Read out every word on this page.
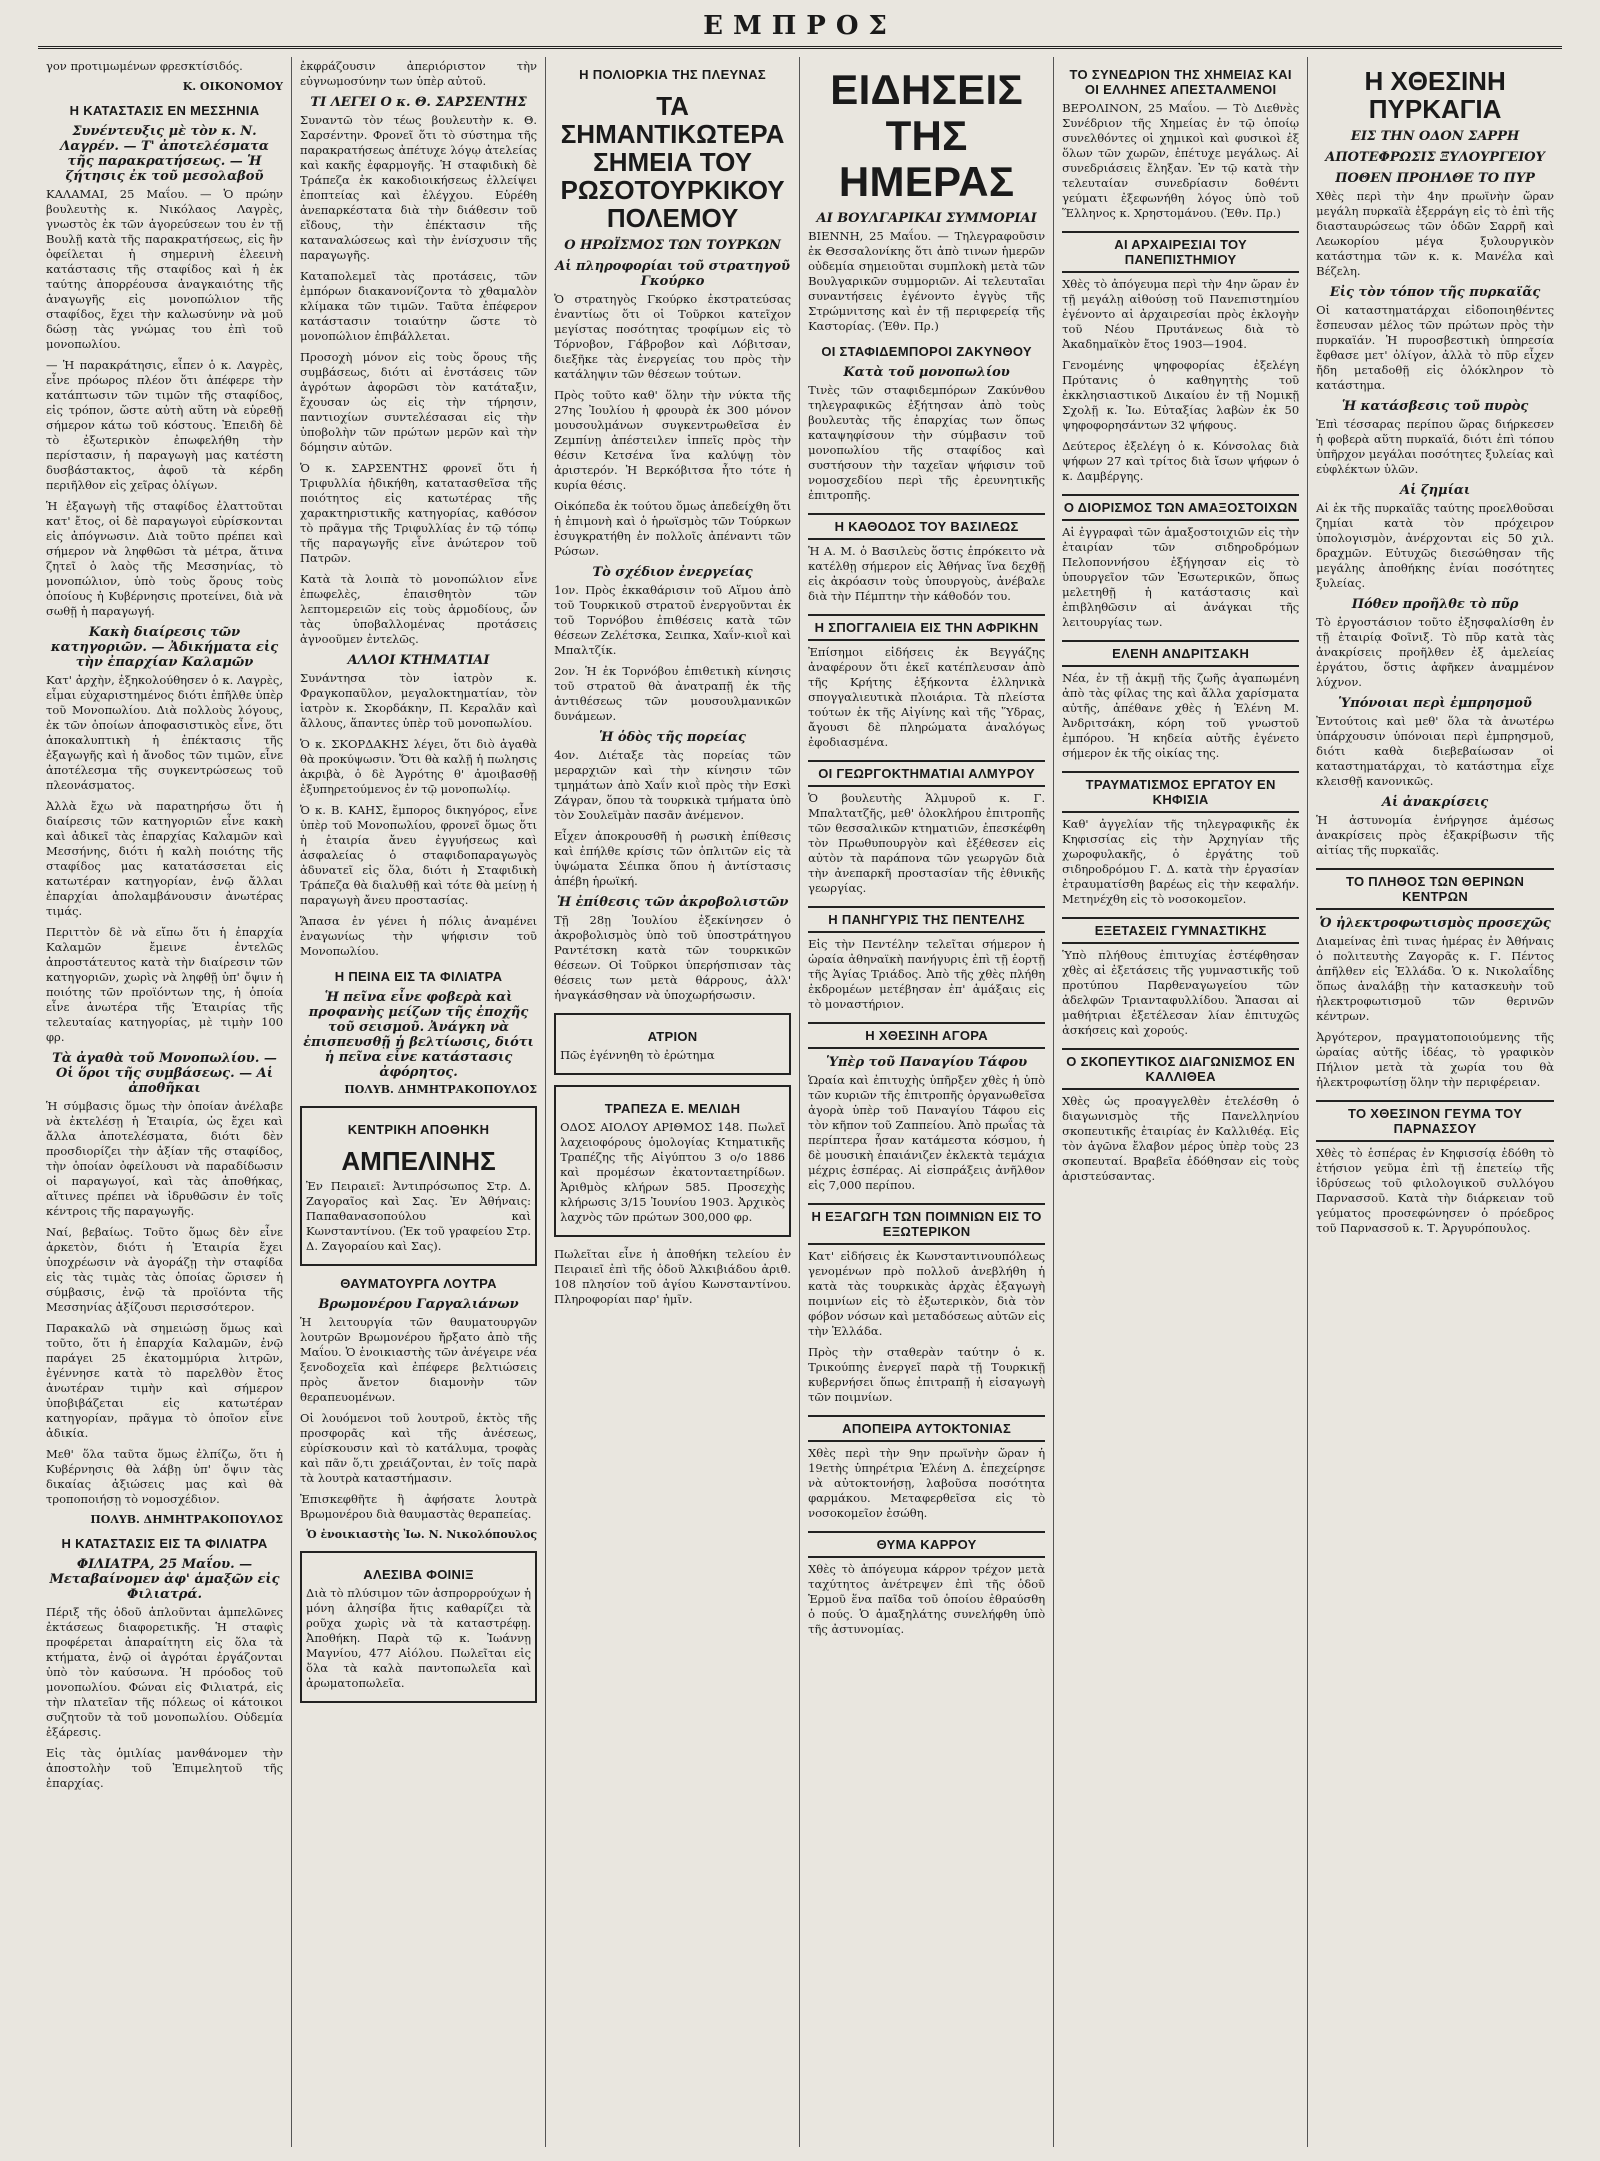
ΕΜΠΡΟΣ

γον προτιμωμένων φρεσκτίσιδός.

Κ. ΟΙΚΟΝΟΜΟΥ
Η ΚΑΤΑΣΤΑΣΙΣ ΕΝ ΜΕΣΣΗΝΙΑ
Συνέντευξις μὲ τὸν κ. Ν. Λαγρέν. — Τ' ἀποτελέσματα τῆς παρακρατήσεως. — Ἡ ζήτησις ἐκ τοῦ μεσολαβοῦ

ΚΑΛΑΜΑΙ, 25 Μαΐου. — Ὁ πρώην βουλευτὴς κ. Νικόλαος Λαγρὲς, γνωστὸς ἐκ τῶν ἀγορεύσεων του ἐν τῇ Βουλῇ κατὰ τῆς παρακρατήσεως, εἰς ἣν ὀφείλεται ἡ σημερινὴ ἐλεεινὴ κατάστασις τῆς σταφίδος καὶ ἡ ἐκ ταύτης ἀπορρέουσα ἀναγκαιότης τῆς ἀναγωγῆς εἰς μονοπώλιον τῆς σταφίδος, ἔχει τὴν καλωσύνην νὰ μοῦ δώσῃ τὰς γνώμας του ἐπὶ τοῦ μονοπωλίου.

— Ἡ παρακράτησις, εἶπεν ὁ κ. Λαγρὲς, εἶνε πρόωρος πλέον ὅτι ἀπέφερε τὴν κατάπτωσιν τῶν τιμῶν τῆς σταφίδος, εἰς τρόπον, ὥστε αὐτὴ αὕτη νὰ εὑρεθῇ σήμερον κάτω τοῦ κόστους. Ἐπειδὴ δὲ τὸ ἐξωτερικὸν ἐπωφελήθη τὴν περίστασιν, ἡ παραγωγὴ μας κατέστη δυσβάστακτος, ἀφοῦ τὰ κέρδη περιῆλθον εἰς χεῖρας ὀλίγων.

Ἡ ἐξαγωγὴ τῆς σταφίδος ἐλαττοῦται κατ' ἔτος, οἱ δὲ παραγωγοὶ εὑρίσκονται εἰς ἀπόγνωσιν. Διὰ τοῦτο πρέπει καὶ σήμερον νὰ ληφθῶσι τὰ μέτρα, ἅτινα ζητεῖ ὁ λαὸς τῆς Μεσσηνίας, τὸ μονοπώλιον, ὑπὸ τοὺς ὅρους τοὺς ὁποίους ἡ Κυβέρνησις προτείνει, διὰ νὰ σωθῇ ἡ παραγωγή.

Κακὴ διαίρεσις τῶν κατηγοριῶν. — Ἀδικήματα εἰς τὴν ἐπαρχίαν Καλαμῶν

Κατ' ἀρχὴν, ἐξηκολούθησεν ὁ κ. Λαγρὲς, εἶμαι εὐχαριστημένος διότι ἐπῆλθε ὑπὲρ τοῦ Μονοπωλίου. Διὰ πολλοὺς λόγους, ἐκ τῶν ὁποίων ἀποφασιστικὸς εἶνε, ὅτι ἀποκαλυπτικὴ ἡ ἐπέκτασις τῆς ἐξαγωγῆς καὶ ἡ ἄνοδος τῶν τιμῶν, εἶνε ἀποτέλεσμα τῆς συγκεντρώσεως τοῦ πλεονάσματος.

Ἀλλὰ ἔχω νὰ παρατηρήσω ὅτι ἡ διαίρεσις τῶν κατηγοριῶν εἶνε κακὴ καὶ ἀδικεῖ τὰς ἐπαρχίας Καλαμῶν καὶ Μεσσήνης, διότι ἡ καλὴ ποιότης τῆς σταφίδος μας κατατάσσεται εἰς κατωτέραν κατηγορίαν, ἐνῷ ἄλλαι ἐπαρχίαι ἀπολαμβάνουσιν ἀνωτέρας τιμάς.

Περιττὸν δὲ νὰ εἴπω ὅτι ἡ ἐπαρχία Καλαμῶν ἔμεινε ἐντελῶς ἀπροστάτευτος κατὰ τὴν διαίρεσιν τῶν κατηγοριῶν, χωρὶς νὰ ληφθῇ ὑπ' ὄψιν ἡ ποιότης τῶν προϊόντων της, ἡ ὁποία εἶνε ἀνωτέρα τῆς Ἑταιρίας τῆς τελευταίας κατηγορίας, μὲ τιμὴν 100 φρ.

Τὰ ἀγαθὰ τοῦ Μονοπωλίου. — Οἱ ὅροι τῆς συμβάσεως. — Αἱ ἀποθῆκαι

Ἡ σύμβασις ὅμως τὴν ὁποίαν ἀνέλαβε νὰ ἐκτελέσῃ ἡ Ἑταιρία, ὡς ἔχει καὶ ἄλλα ἀποτελέσματα, διότι δὲν προσδιορίζει τὴν ἀξίαν τῆς σταφίδος, τὴν ὁποίαν ὀφείλουσι νὰ παραδίδωσιν οἱ παραγωγοί, καὶ τὰς ἀποθήκας, αἵτινες πρέπει νὰ ἱδρυθῶσιν ἐν τοῖς κέντροις τῆς παραγωγῆς.

Ναί, βεβαίως. Τοῦτο ὅμως δὲν εἶνε ἀρκετὸν, διότι ἡ Ἑταιρία ἔχει ὑποχρέωσιν νὰ ἀγοράζῃ τὴν σταφίδα εἰς τὰς τιμὰς τὰς ὁποίας ὥρισεν ἡ σύμβασις, ἐνῷ τὰ προϊόντα τῆς Μεσσηνίας ἀξίζουσι περισσότερον.

Παρακαλῶ νὰ σημειώσῃ ὅμως καὶ τοῦτο, ὅτι ἡ ἐπαρχία Καλαμῶν, ἐνῷ παράγει 25 ἑκατομμύρια λιτρῶν, ἐγέννησε κατὰ τὸ παρελθὸν ἔτος ἀνωτέραν τιμὴν καὶ σήμερον ὑποβιβάζεται εἰς κατωτέραν κατηγορίαν, πρᾶγμα τὸ ὁποῖον εἶνε ἀδικία.

Μεθ' ὅλα ταῦτα ὅμως ἐλπίζω, ὅτι ἡ Κυβέρνησις θὰ λάβῃ ὑπ' ὄψιν τὰς δικαίας ἀξιώσεις μας καὶ θὰ τροποποιήσῃ τὸ νομοσχέδιον.

ΠΟΛΥΒ. ΔΗΜΗΤΡΑΚΟΠΟΥΛΟΣ
Η ΚΑΤΑΣΤΑΣΙΣ ΕΙΣ ΤΑ ΦΙΛΙΑΤΡΑ
ΦΙΛΙΑΤΡΑ, 25 Μαΐου. — Μεταβαίνομεν ἀφ' ἁμαξῶν εἰς Φιλιατρά.

Πέριξ τῆς ὁδοῦ ἁπλοῦνται ἀμπελῶνες ἐκτάσεως διαφορετικῆς. Ἡ σταφὶς προφέρεται ἀπαραίτητη εἰς ὅλα τὰ κτήματα, ἐνῷ οἱ ἀγρόται ἐργάζονται ὑπὸ τὸν καύσωνα. Ἡ πρόοδος τοῦ μονοπωλίου. Φώναι εἰς Φιλιατρά, εἰς τὴν πλατεῖαν τῆς πόλεως οἱ κάτοικοι συζητοῦν τὰ τοῦ μονοπωλίου. Οὐδεμία ἐξάρεσις.

Εἰς τὰς ὁμιλίας μανθάνομεν τὴν ἀποστολὴν τοῦ Ἐπιμελητοῦ τῆς ἐπαρχίας.

ἐκφράζουσιν ἀπεριόριστον τὴν εὐγνωμοσύνην των ὑπὲρ αὐτοῦ.

ΤΙ ΛΕΓΕΙ Ο κ. Θ. ΣΑΡΣΕΝΤΗΣ

Συναντῶ τὸν τέως βουλευτὴν κ. Θ. Σαρσέντην. Φρονεῖ ὅτι τὸ σύστημα τῆς παρακρατήσεως ἀπέτυχε λόγῳ ἀτελείας καὶ κακῆς ἐφαρμογῆς. Ἡ σταφιδικὴ δὲ Τράπεζα ἐκ κακοδιοικήσεως ἐλλείψει ἐποπτείας καὶ ἐλέγχου. Εὑρέθη ἀνεπαρκέστατα διὰ τὴν διάθεσιν τοῦ εἴδους, τὴν ἐπέκτασιν τῆς καταναλώσεως καὶ τὴν ἐνίσχυσιν τῆς παραγωγῆς.

Καταπολεμεῖ τὰς προτάσεις, τῶν ἐμπόρων διακανονίζοντα τὸ χθαμαλὸν κλίμακα τῶν τιμῶν. Ταῦτα ἐπέφερον κατάστασιν τοιαύτην ὥστε τὸ μονοπώλιον ἐπιβάλλεται.

Προσοχὴ μόνον εἰς τοὺς ὅρους τῆς συμβάσεως, διότι αἱ ἐνστάσεις τῶν ἀγρότων ἀφορῶσι τὸν κατάταξιν, ἔχουσαν ὡς εἰς τὴν τήρησιν, παντιοχίων συντελέσασαι εἰς τὴν ὑποβολὴν τῶν πρώτων μερῶν καὶ τὴν δόμησιν αὐτῶν.

Ὁ κ. ΣΑΡΣΕΝΤΗΣ φρονεῖ ὅτι ἡ Τριφυλλία ἠδικήθη, κατατασθεῖσα τῆς ποιότητος εἰς κατωτέρας τῆς χαρακτηριστικῆς κατηγορίας, καθόσον τὸ πρᾶγμα τῆς Τριφυλλίας ἐν τῷ τόπῳ τῆς παραγωγῆς εἶνε ἀνώτερον τοῦ Πατρῶν.

Κατὰ τὰ λοιπὰ τὸ μονοπώλιον εἶνε ἐπωφελὲς, ἐπαισθητὸν τῶν λεπτομερειῶν εἰς τοὺς ἁρμοδίους, ὧν τὰς ὑποβαλλομένας προτάσεις ἀγνοοῦμεν ἐντελῶς.

ΑΛΛΟΙ ΚΤΗΜΑΤΙΑΙ

Συνάντησα τὸν ἰατρὸν κ. Φραγκοπαῦλον, μεγαλοκτηματίαν, τὸν ἰατρὸν κ. Σκορδάκην, Π. Κεραλᾶν καὶ ἄλλους, ἅπαντες ὑπὲρ τοῦ μονοπωλίου.

Ὁ κ. ΣΚΟΡΔΑΚΗΣ λέγει, ὅτι διὸ ἀγαθὰ θὰ προκύψωσιν. Ὅτι θὰ καλῇ ἡ πωλησις ἀκριβὰ, ὁ δὲ Ἀγρότης θ' ἀμοιβασθῇ ἐξυπηρετούμενος ἐν τῷ μονοπωλίῳ.

Ὁ κ. Β. ΚΑΗΣ, ἔμπορος δικηγόρος, εἶνε ὑπὲρ τοῦ Μονοπωλίου, φρονεῖ ὅμως ὅτι ἡ ἑταιρία ἄνευ ἐγγυήσεως καὶ ἀσφαλείας ὁ σταφιδοπαραγωγὸς ἀδυνατεῖ εἰς ὅλα, διότι ἡ Σταφιδικὴ Τράπεζα θὰ διαλυθῇ καὶ τότε θὰ μείνῃ ἡ παραγωγὴ ἄνευ προστασίας.

Ἅπασα ἐν γένει ἡ πόλις ἀναμένει ἐναγωνίως τὴν ψήφισιν τοῦ Μονοπωλίου.

Η ΠΕΙΝΑ ΕΙΣ ΤΑ ΦΙΛΙΑΤΡΑ
Ἡ πεῖνα εἶνε φοβερὰ καὶ προφανὴς μείζων τῆς ἐποχῆς τοῦ σεισμοῦ. Ἀνάγκη νὰ ἐπισπευσθῇ ἡ βελτίωσις, διότι ἡ πεῖνα εἶνε κατάστασις ἀφόρητος.
ΠΟΛΥΒ. ΔΗΜΗΤΡΑΚΟΠΟΥΛΟΣ
ΚΕΝΤΡΙΚΗ ΑΠΟΘΗΚΗ
ΑΜΠΕΛΙΝΗΣ

Ἐν Πειραιεῖ: Ἀντιπρόσωπος Στρ. Δ. Ζαγοραῖος καὶ Σας. Ἐν Ἀθήναις: Παπαθανασοπούλου καὶ Κωνσταντίνου. (Ἐκ τοῦ γραφείου Στρ. Δ. Ζαγοραίου καὶ Σας).

ΘΑΥΜΑΤΟΥΡΓΑ ΛΟΥΤΡΑ
Βρωμονέρου Γαργαλιάνων

Ἡ λειτουργία τῶν θαυματουργῶν λουτρῶν Βρωμονέρου ἤρξατο ἀπὸ τῆς Μαΐου. Ὁ ἐνοικιαστὴς τῶν ἀνέγειρε νέα ξενοδοχεῖα καὶ ἐπέφερε βελτιώσεις πρὸς ἄνετον διαμονὴν τῶν θεραπευομένων.

Οἱ λουόμενοι τοῦ λουτροῦ, ἐκτὸς τῆς προσφορᾶς καὶ τῆς ἀνέσεως, εὑρίσκουσιν καὶ τὸ κατάλυμα, τροφὰς καὶ πᾶν ὅ,τι χρειάζονται, ἐν τοῖς παρὰ τὰ λουτρὰ καταστήμασιν.

Ἐπισκεφθῆτε ἢ ἀφήσατε λουτρὰ Βρωμονέρου διὰ θαυμαστὰς θεραπείας.

Ὁ ἐνοικιαστὴς Ἰω. Ν. Νικολόπουλος
ΑΛΕΣΙΒΑ ΦΟΙΝΙΞ

Διὰ τὸ πλύσιμον τῶν ἀσπρορρούχων ἡ μόνη ἀλησίβα ἥτις καθαρίζει τὰ ροῦχα χωρὶς νὰ τὰ καταστρέφῃ. Ἀποθήκη. Παρὰ τῷ κ. Ἰωάννῃ Μαγνίου, 477 Αἰόλου. Πωλεῖται εἰς ὅλα τὰ καλὰ παντοπωλεῖα καὶ ἀρωματοπωλεῖα.

Η ΠΟΛΙΟΡΚΙΑ ΤΗΣ ΠΛΕΥΝΑΣ
ΤΑ ΣΗΜΑΝΤΙΚΩΤΕΡΑ ΣΗΜΕΙΑ ΤΟΥ ΡΩΣΟΤΟΥΡΚΙΚΟΥ ΠΟΛΕΜΟΥ
Ο ΗΡΩΪΣΜΟΣ ΤΩΝ ΤΟΥΡΚΩΝ
Αἱ πληροφορίαι τοῦ στρατηγοῦ Γκούρκο

Ὁ στρατηγὸς Γκούρκο ἐκστρατεύσας ἐναντίως ὅτι οἱ Τοῦρκοι κατεῖχον μεγίστας ποσότητας τροφίμων εἰς τὸ Τόρνοβον, Γάβροβον καὶ Λόβιτσαν, διεξῆκε τὰς ἐνεργείας του πρὸς τὴν κατάληψιν τῶν θέσεων τούτων.

Πρὸς τοῦτο καθ' ὅλην τὴν νύκτα τῆς 27ης Ἰουλίου ἡ φρουρὰ ἐκ 300 μόνον μουσουλμάνων συγκεντρωθεῖσα ἐν Ζεμπίνῃ ἀπέστειλεν ἱππεῖς πρὸς τὴν θέσιν Κετσένα ἵνα καλύψῃ τὸν ἀριστερόν. Ἡ Βερκόβιτσα ἦτο τότε ἡ κυρία θέσις.

Οἰκόπεδα ἐκ τούτου ὅμως ἀπεδείχθη ὅτι ἡ ἐπιμονὴ καὶ ὁ ἡρωϊσμὸς τῶν Τούρκων ἐσυγκρατήθη ἐν πολλοῖς ἀπέναντι τῶν Ρώσων.

Τὸ σχέδιον ἐνεργείας

1ον. Πρὸς ἐκκαθάρισιν τοῦ Αἵμου ἀπὸ τοῦ Τουρκικοῦ στρατοῦ ἐνεργοῦνται ἐκ τοῦ Τορνόβου ἐπιθέσεις κατὰ τῶν θέσεων Ζελέτσκα, Σειπκα, Χαΐν-κιοῒ καὶ Μπαλτζίκ.

2ον. Ἡ ἐκ Τορνόβου ἐπιθετικὴ κίνησις τοῦ στρατοῦ θὰ ἀνατραπῇ ἐκ τῆς ἀντιθέσεως τῶν μουσουλμανικῶν δυνάμεων.

Ἡ ὁδὸς τῆς πορείας

4ον. Διέταξε τὰς πορείας τῶν μεραρχιῶν καὶ τὴν κίνησιν τῶν τμημάτων ἀπὸ Χαΐν κιοῒ πρὸς τὴν Εσκὶ Ζάγραν, ὅπου τὰ τουρκικὰ τμήματα ὑπὸ τὸν Σουλεϊμὰν πασᾶν ἀνέμενον.

Εἶχεν ἀποκρουσθῆ ἡ ρωσικὴ ἐπίθεσις καὶ ἐπήλθε κρίσις τῶν ὁπλιτῶν εἰς τὰ ὑψώματα Σέιπκα ὅπου ἡ ἀντίστασις ἀπέβη ἡρωϊκή.

Ἡ ἐπίθεσις τῶν ἀκροβολιστῶν

Τῇ 28ῃ Ἰουλίου ἐξεκίνησεν ὁ ἀκροβολισμὸς ὑπὸ τοῦ ὑποστράτηγου Ραντέτσκη κατὰ τῶν τουρκικῶν θέσεων. Οἱ Τοῦρκοι ὑπερήσπισαν τὰς θέσεις των μετὰ θάρρους, ἀλλ' ἠναγκάσθησαν νὰ ὑποχωρήσωσιν.

ΑΤΡΙΟΝ

Πῶς ἐγέννηθη τὸ ἐρώτημα

ΤΡΑΠΕΖΑ Ε. ΜΕΛΙΔΗ

ΟΔΟΣ ΑΙΟΛΟΥ ΑΡΙΘΜΟΣ 148. Πωλεῖ λαχειοφόρους ὁμολογίας Κτηματικῆς Τραπέζης τῆς Αἰγύπτου 3 ο/ο 1886 καὶ προμέσων ἐκατονταετηρίδων. Ἀριθμὸς κλήρων 585. Προσεχὴς κλήρωσις 3/15 Ἰουνίου 1903. Ἀρχικὸς λαχνὸς τῶν πρώτων 300,000 φρ.

Πωλεῖται εἶνε ἡ ἀποθήκη τελείου ἐν Πειραιεῖ ἐπὶ τῆς ὁδοῦ Ἀλκιβιάδου ἀριθ. 108 πλησίον τοῦ ἁγίου Κωνσταντίνου. Πληροφορίαι παρ' ἡμῖν.

ΕΙΔΗΣΕΙΣ ΤΗΣ ΗΜΕΡΑΣ
ΑΙ ΒΟΥΛΓΑΡΙΚΑΙ ΣΥΜΜΟΡΙΑΙ

ΒΙΕΝΝΗ, 25 Μαΐου. — Τηλεγραφοῦσιν ἐκ Θεσσαλονίκης ὅτι ἀπὸ τινων ἡμερῶν οὐδεμία σημειοῦται συμπλοκὴ μετὰ τῶν Βουλγαρικῶν συμμοριῶν. Αἱ τελευταῖαι συναντήσεις ἐγένοντο ἐγγὺς τῆς Στρώμνιτσης καὶ ἐν τῇ περιφερείᾳ τῆς Καστορίας. (Ἐθν. Πρ.)

ΟΙ ΣΤΑΦΙΔΕΜΠΟΡΟΙ ΖΑΚΥΝΘΟΥ
Κατὰ τοῦ μονοπωλίου

Τινὲς τῶν σταφιδεμπόρων Ζακύνθου τηλεγραφικῶς ἐξήτησαν ἀπὸ τοὺς βουλευτὰς τῆς ἐπαρχίας των ὅπως καταψηφίσουν τὴν σύμβασιν τοῦ μονοπωλίου τῆς σταφίδος καὶ συστήσουν τὴν ταχεῖαν ψήφισιν τοῦ νομοσχεδίου περὶ τῆς ἐρευνητικῆς ἐπιτροπῆς.

Η ΚΑΘΟΔΟΣ ΤΟΥ ΒΑΣΙΛΕΩΣ

Ἡ Α. Μ. ὁ Βασιλεὺς ὅστις ἐπρόκειτο νὰ κατέλθῃ σήμερον εἰς Ἀθήνας ἵνα δεχθῇ εἰς ἀκρόασιν τοὺς ὑπουργοὺς, ἀνέβαλε διὰ τὴν Πέμπτην τὴν κάθοδόν του.

Η ΣΠΟΓΓΑΛΙΕΙΑ ΕΙΣ ΤΗΝ ΑΦΡΙΚΗΝ

Ἐπίσημοι εἰδήσεις ἐκ Βεγγάζης ἀναφέρουν ὅτι ἐκεῖ κατέπλευσαν ἀπὸ τῆς Κρήτης ἑξήκοντα ἑλληνικὰ σπογγαλιευτικὰ πλοιάρια. Τὰ πλείστα τούτων ἐκ τῆς Αἰγίνης καὶ τῆς Ὕδρας, ἄγουσι δὲ πληρώματα ἀναλόγως ἐφοδιασμένα.

ΟΙ ΓΕΩΡΓΟΚΤΗΜΑΤΙΑΙ ΑΛΜΥΡΟΥ

Ὁ βουλευτὴς Ἁλμυροῦ κ. Γ. Μπαλτατζῆς, μεθ' ὁλοκλήρου ἐπιτροπῆς τῶν θεσσαλικῶν κτηματιῶν, ἐπεσκέφθη τὸν Πρωθυπουργὸν καὶ ἐξέθεσεν εἰς αὐτὸν τὰ παράπονα τῶν γεωργῶν διὰ τὴν ἀνεπαρκῆ προστασίαν τῆς ἐθνικῆς γεωργίας.

Η ΠΑΝΗΓΥΡΙΣ ΤΗΣ ΠΕΝΤΕΛΗΣ

Εἰς τὴν Πεντέλην τελεῖται σήμερον ἡ ὡραία ἀθηναϊκὴ πανήγυρις ἐπὶ τῇ ἑορτῇ τῆς Ἁγίας Τριάδος. Ἀπὸ τῆς χθὲς πλήθη ἐκδρομέων μετέβησαν ἐπ' ἁμάξαις εἰς τὸ μοναστήριον.

Η ΧΘΕΣΙΝΗ ΑΓΟΡΑ
Ὑπὲρ τοῦ Παναγίου Τάφου

Ὡραία καὶ ἐπιτυχὴς ὑπῆρξεν χθὲς ἡ ὑπὸ τῶν κυριῶν τῆς ἐπιτροπῆς ὀργανωθεῖσα ἀγορὰ ὑπὲρ τοῦ Παναγίου Τάφου εἰς τὸν κῆπον τοῦ Ζαππείου. Ἀπὸ πρωΐας τὰ περίπτερα ἦσαν κατάμεστα κόσμου, ἡ δὲ μουσικὴ ἐπαιάνιζεν ἐκλεκτὰ τεμάχια μέχρις ἑσπέρας. Αἱ εἰσπράξεις ἀνῆλθον εἰς 7,000 περίπου.

Η ΕΞΑΓΩΓΗ ΤΩΝ ΠΟΙΜΝΙΩΝ ΕΙΣ ΤΟ ΕΞΩΤΕΡΙΚΟΝ

Κατ' εἰδήσεις ἐκ Κωνσταντινουπόλεως γενομένων πρὸ πολλοῦ ἀνεβλήθη ἡ κατὰ τὰς τουρκικὰς ἀρχὰς ἐξαγωγὴ ποιμνίων εἰς τὸ ἐξωτερικὸν, διὰ τὸν φόβον νόσων καὶ μεταδόσεως αὐτῶν εἰς τὴν Ἑλλάδα.

Πρὸς τὴν σταθερὰν ταύτην ὁ κ. Τρικούπης ἐνεργεῖ παρὰ τῇ Τουρκικῇ κυβερνήσει ὅπως ἐπιτραπῇ ἡ εἰσαγωγὴ τῶν ποιμνίων.

ΑΠΟΠΕΙΡΑ ΑΥΤΟΚΤΟΝΙΑΣ

Χθὲς περὶ τὴν 9ην πρωϊνὴν ὥραν ἡ 19ετὴς ὑπηρέτρια Ἑλένη Δ. ἐπεχείρησε νὰ αὐτοκτονήσῃ, λαβοῦσα ποσότητα φαρμάκου. Μεταφερθεῖσα εἰς τὸ νοσοκομεῖον ἐσώθη.

ΘΥΜΑ ΚΑΡΡΟΥ

Χθὲς τὸ ἀπόγευμα κάρρον τρέχον μετὰ ταχύτητος ἀνέτρεψεν ἐπὶ τῆς ὁδοῦ Ἑρμοῦ ἕνα παῖδα τοῦ ὁποίου ἐθραύσθη ὁ πούς. Ὁ ἁμαξηλάτης συνελήφθη ὑπὸ τῆς ἀστυνομίας.

ΤΟ ΣΥΝΕΔΡΙΟΝ ΤΗΣ ΧΗΜΕΙΑΣ ΚΑΙ ΟΙ ΕΛΛΗΝΕΣ ΑΠΕΣΤΑΛΜΕΝΟΙ

ΒΕΡΟΛΙΝΟΝ, 25 Μαΐου. — Τὸ Διεθνὲς Συνέδριον τῆς Χημείας ἐν τῷ ὁποίῳ συνελθόντες οἱ χημικοὶ καὶ φυσικοὶ ἐξ ὅλων τῶν χωρῶν, ἐπέτυχε μεγάλως. Αἱ συνεδριάσεις ἔληξαν. Ἐν τῷ κατὰ τὴν τελευταίαν συνεδρίασιν δοθέντι γεύματι ἐξεφωνήθη λόγος ὑπὸ τοῦ Ἕλληνος κ. Χρηστομάνου. (Ἐθν. Πρ.)

ΑΙ ΑΡΧΑΙΡΕΣΙΑΙ ΤΟΥ ΠΑΝΕΠΙΣΤΗΜΙΟΥ

Χθὲς τὸ ἀπόγευμα περὶ τὴν 4ην ὥραν ἐν τῇ μεγάλῃ αἰθούσῃ τοῦ Πανεπιστημίου ἐγένοντο αἱ ἀρχαιρεσίαι πρὸς ἐκλογὴν τοῦ Νέου Πρυτάνεως διὰ τὸ Ἀκαδημαϊκὸν ἔτος 1903—1904.

Γενομένης ψηφοφορίας ἐξελέγη Πρύτανις ὁ καθηγητὴς τοῦ ἐκκλησιαστικοῦ Δικαίου ἐν τῇ Νομικῇ Σχολῇ κ. Ἰω. Εὐταξίας λαβὼν ἐκ 50 ψηφοφορησάντων 32 ψήφους.

Δεύτερος ἐξελέγη ὁ κ. Κόνσολας διὰ ψήφων 27 καὶ τρίτος διὰ ἴσων ψήφων ὁ κ. Δαμβέργης.

Ο ΔΙΟΡΙΣΜΟΣ ΤΩΝ ΑΜΑΞΟΣΤΟΙΧΩΝ

Αἱ ἐγγραφαὶ τῶν ἁμαξοστοιχιῶν εἰς τὴν ἐταιρίαν τῶν σιδηροδρόμων Πελοποννήσου ἐξήγησαν εἰς τὸ ὑπουργεῖον τῶν Ἐσωτερικῶν, ὅπως μελετηθῇ ἡ κατάστασις καὶ ἐπιβληθῶσιν αἱ ἀνάγκαι τῆς λειτουργίας των.

ΕΛΕΝΗ ΑΝΔΡΙΤΣΑΚΗ

Νέα, ἐν τῇ ἀκμῇ τῆς ζωῆς ἀγαπωμένη ἀπὸ τὰς φίλας της καὶ ἄλλα χαρίσματα αὐτῆς, ἀπέθανε χθὲς ἡ Ἑλένη Μ. Ἀνδριτσάκη, κόρη τοῦ γνωστοῦ ἐμπόρου. Ἡ κηδεία αὐτῆς ἐγένετο σήμερον ἐκ τῆς οἰκίας της.

ΤΡΑΥΜΑΤΙΣΜΟΣ ΕΡΓΑΤΟΥ ΕΝ ΚΗΦΙΣΙΑ

Καθ' ἀγγελίαν τῆς τηλεγραφικῆς ἐκ Κηφισσίας εἰς τὴν Ἀρχηγίαν τῆς χωροφυλακῆς, ὁ ἐργάτης τοῦ σιδηροδρόμου Γ. Δ. κατὰ τὴν ἐργασίαν ἐτραυματίσθη βαρέως εἰς τὴν κεφαλήν. Μετηνέχθη εἰς τὸ νοσοκομεῖον.

ΕΞΕΤΑΣΕΙΣ ΓΥΜΝΑΣΤΙΚΗΣ

Ὑπὸ πλήθους ἐπιτυχίας ἐστέφθησαν χθὲς αἱ ἐξετάσεις τῆς γυμναστικῆς τοῦ προτύπου Παρθεναγωγείου τῶν ἀδελφῶν Τριανταφυλλίδου. Ἅπασαι αἱ μαθήτριαι ἐξετέλεσαν λίαν ἐπιτυχῶς ἀσκήσεις καὶ χορούς.

Ο ΣΚΟΠΕΥΤΙΚΟΣ ΔΙΑΓΩΝΙΣΜΟΣ ΕΝ ΚΑΛΛΙΘΕΑ

Χθὲς ὡς προαγγελθὲν ἐτελέσθη ὁ διαγωνισμὸς τῆς Πανελληνίου σκοπευτικῆς ἑταιρίας ἐν Καλλιθέᾳ. Εἰς τὸν ἀγῶνα ἔλαβον μέρος ὑπὲρ τοὺς 23 σκοπευταί. Βραβεῖα ἐδόθησαν εἰς τοὺς ἀριστεύσαντας.

Η ΧΘΕΣΙΝΗ ΠΥΡΚΑΓΙΑ
ΕΙΣ ΤΗΝ ΟΔΟΝ ΣΑΡΡΗ
ΑΠΟΤΕΦΡΩΣΙΣ ΞΥΛΟΥΡΓΕΙΟΥ
ΠΟΘΕΝ ΠΡΟΗΛΘΕ ΤΟ ΠΥΡ

Χθὲς περὶ τὴν 4ην πρωϊνὴν ὥραν μεγάλη πυρκαϊὰ ἐξερράγη εἰς τὸ ἐπὶ τῆς διασταυρώσεως τῶν ὁδῶν Σαρρῆ καὶ Λεωκορίου μέγα ξυλουργικὸν κατάστημα τῶν κ. κ. Μανέλα καὶ Βέζελη.

Εἰς τὸν τόπον τῆς πυρκαϊᾶς

Οἱ καταστηματάρχαι εἰδοποιηθέντες ἔσπευσαν μέλος τῶν πρώτων πρὸς τὴν πυρκαϊάν. Ἡ πυροσβεστικὴ ὑπηρεσία ἔφθασε μετ' ὀλίγον, ἀλλὰ τὸ πῦρ εἶχεν ἤδη μεταδοθῇ εἰς ὁλόκληρον τὸ κατάστημα.

Ἡ κατάσβεσις τοῦ πυρὸς

Ἐπὶ τέσσαρας περίπου ὥρας διήρκεσεν ἡ φοβερὰ αὕτη πυρκαϊά, διότι ἐπὶ τόπου ὑπῆρχον μεγάλαι ποσότητες ξυλείας καὶ εὐφλέκτων ὑλῶν.

Αἱ ζημίαι

Αἱ ἐκ τῆς πυρκαϊᾶς ταύτης προελθοῦσαι ζημίαι κατὰ τὸν πρόχειρον ὑπολογισμὸν, ἀνέρχονται εἰς 50 χιλ. δραχμῶν. Εὐτυχῶς διεσώθησαν τῆς μεγάλης ἀποθήκης ἐνίαι ποσότητες ξυλείας.

Πόθεν προῆλθε τὸ πῦρ

Τὸ ἐργοστάσιον τοῦτο ἐξησφαλίσθη ἐν τῇ ἑταιρίᾳ Φοῖνιξ. Τὸ πῦρ κατὰ τὰς ἀνακρίσεις προῆλθεν ἐξ ἀμελείας ἐργάτου, ὅστις ἀφῆκεν ἀναμμένον λύχνον.

Ὑπόνοιαι περὶ ἐμπρησμοῦ

Ἐντούτοις καὶ μεθ' ὅλα τὰ ἀνωτέρω ὑπάρχουσιν ὑπόνοιαι περὶ ἐμπρησμοῦ, διότι καθὰ διεβεβαίωσαν οἱ καταστηματάρχαι, τὸ κατάστημα εἶχε κλεισθῇ κανονικῶς.

Αἱ ἀνακρίσεις

Ἡ ἀστυνομία ἐνήργησε ἀμέσως ἀνακρίσεις πρὸς ἐξακρίβωσιν τῆς αἰτίας τῆς πυρκαϊᾶς.

ΤΟ ΠΛΗΘΟΣ ΤΩΝ ΘΕΡΙΝΩΝ ΚΕΝΤΡΩΝ
Ὁ ἠλεκτροφωτισμὸς προσεχῶς

Διαμείνας ἐπὶ τινας ἡμέρας ἐν Ἀθήναις ὁ πολιτευτὴς Ζαγορᾶς κ. Γ. Πέντος ἀπῆλθεν εἰς Ἑλλάδα. Ὁ κ. Νικολαΐδης ὅπως ἀναλάβῃ τὴν κατασκευὴν τοῦ ἠλεκτροφωτισμοῦ τῶν θερινῶν κέντρων.

Ἀργότερον, πραγματοποιούμενης τῆς ὡραίας αὐτῆς ἰδέας, τὸ γραφικὸν Πήλιον μετὰ τὰ χωρία του θὰ ἠλεκτροφωτίσῃ ὅλην τὴν περιφέρειαν.

ΤΟ ΧΘΕΣΙΝΟΝ ΓΕΥΜΑ ΤΟΥ ΠΑΡΝΑΣΣΟΥ

Χθὲς τὸ ἑσπέρας ἐν Κηφισσίᾳ ἐδόθη τὸ ἐτήσιον γεῦμα ἐπὶ τῇ ἐπετείῳ τῆς ἱδρύσεως τοῦ φιλολογικοῦ συλλόγου Παρνασσοῦ. Κατὰ τὴν διάρκειαν τοῦ γεύματος προσεφώνησεν ὁ πρόεδρος τοῦ Παρνασσοῦ κ. Τ. Ἀργυρόπουλος.
